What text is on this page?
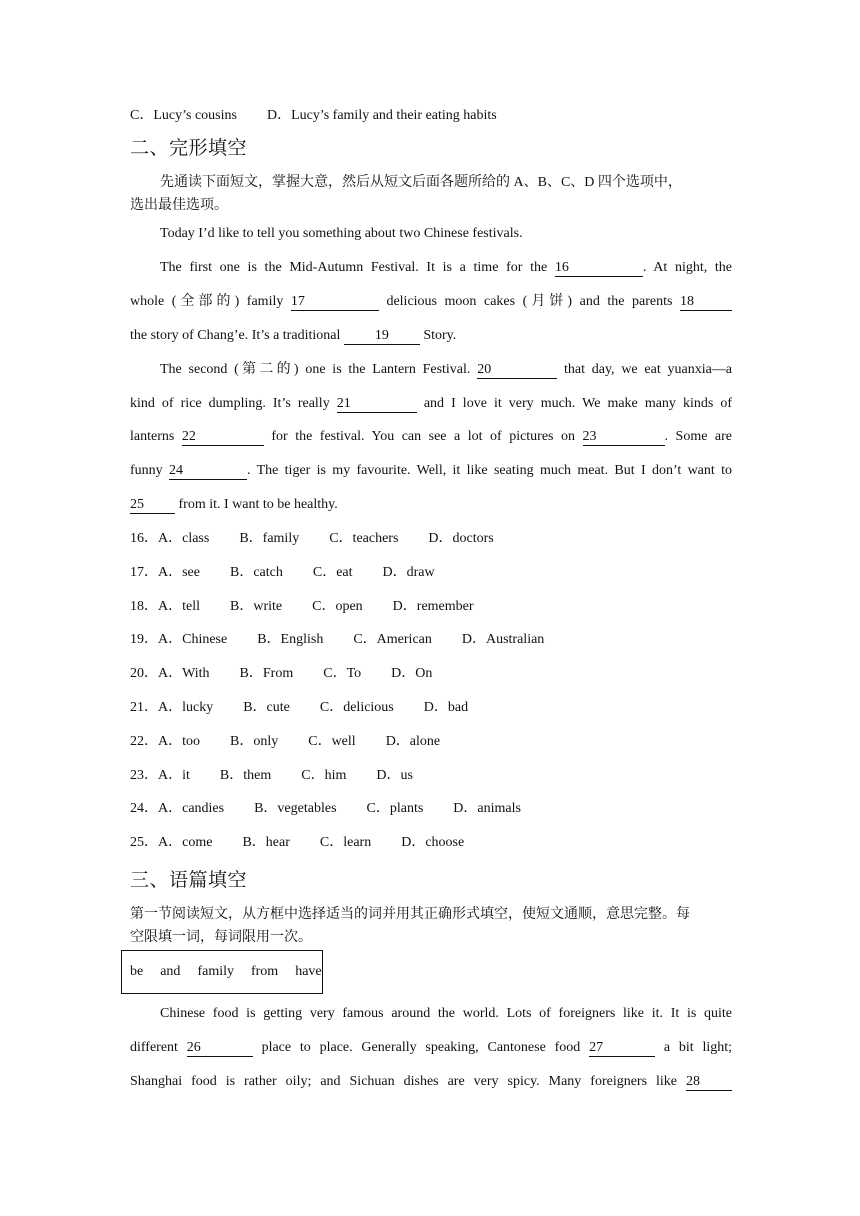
C．Lucy’s cousins D．Lucy’s family and their eating habits
二、完形填空
先通读下面短文，掌握大意，然后从短文后面各题所给的 A、B、C、D 四个选项中，
选出最佳选项。
Today I’d like to tell you something about two Chinese festivals.
The first one is the Mid-Autumn Festival. It is a time for the 16	. At night, the
whole (全部的) family 17	delicious moon cakes (月饼) and the parents 18
the story of Chang’e. It’s a traditional 19 Story.
The second (第二的) one is the Lantern Festival. 20	that day, we eat yuanxia—a
kind of rice dumpling. It’s really 21	and I love it very much. We make many kinds of
lanterns 22	for the festival. You can see a lot of pictures on 23	. Some are
funny 24	. The tiger is my favourite. Well, it like seating much meat. But I don’t want to
25 from it. I want to be healthy.
16．A．class B．family C．teachers D．doctors
17．A．see B．catch C．eat D．draw
18．A．tell B．write C．open D．remember
19．A．Chinese B．English C．American D．Australian
20．A．With B．From C．To D．On
21．A．lucky B．cute C．delicious D．bad
22．A．too B．only C．well D．alone
23．A．it B．them C．him D．us
24．A．candies B．vegetables C．plants D．animals
25．A．come B．hear C．learn D．choose
三、语篇填空
第一节阅读短文，从方框中选择适当的词并用其正确形式填空，使短文通顺，意思完整。每
空限填一词，每词限用一次。
be and family from have
Chinese food is getting very famous around the world. Lots of foreigners like it. It is quite
different 26	place to place. Generally speaking, Cantonese food 27	a bit light;
Shanghai food is rather oily; and Sichuan dishes are very spicy. Many foreigners like 28
